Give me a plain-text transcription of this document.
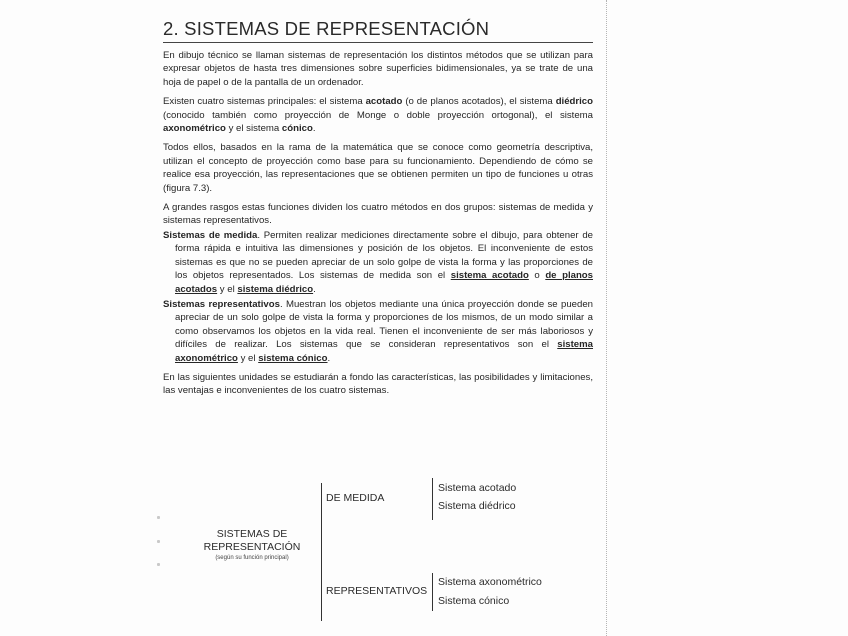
2. SISTEMAS DE REPRESENTACIÓN

En dibujo técnico se llaman sistemas de representación los distintos métodos que se utilizan para expresar objetos de hasta tres dimensiones sobre superficies bidimensionales, ya se trate de una hoja de papel o de la pantalla de un ordenador.

Existen cuatro sistemas principales: el sistema acotado (o de planos acotados), el sistema diédrico (conocido también como proyección de Monge o doble proyección ortogonal), el sistema axonométrico y el sistema cónico.

Todos ellos, basados en la rama de la matemática que se conoce como geometría descriptiva, utilizan el concepto de proyección como base para su funcionamiento. Dependiendo de cómo se realice esa proyección, las representaciones que se obtienen permiten un tipo de funciones u otras (figura 7.3).

A grandes rasgos estas funciones dividen los cuatro métodos en dos grupos: sistemas de medida y sistemas representativos.

Sistemas de medida. Permiten realizar mediciones directamente sobre el dibujo, para obtener de forma rápida e intuitiva las dimensiones y posición de los objetos. El inconveniente de estos sistemas es que no se pueden apreciar de un solo golpe de vista la forma y las proporciones de los objetos representados. Los sistemas de medida son el sistema acotado o de planos acotados y el sistema diédrico.

Sistemas representativos. Muestran los objetos mediante una única proyección donde se pueden apreciar de un solo golpe de vista la forma y proporciones de los mismos, de un modo similar a como observamos los objetos en la vida real. Tienen el inconveniente de ser más laboriosos y difíciles de realizar. Los sistemas que se consideran representativos son el sistema axonométrico y el sistema cónico.

En las siguientes unidades se estudiarán a fondo las características, las posibilidades y limitaciones, las ventajas e inconvenientes de los cuatro sistemas.

SISTEMAS DE
REPRESENTACIÓN
(según su función principal)
DE MEDIDA
Sistema acotado
Sistema diédrico
REPRESENTATIVOS
Sistema axonométrico
Sistema cónico
